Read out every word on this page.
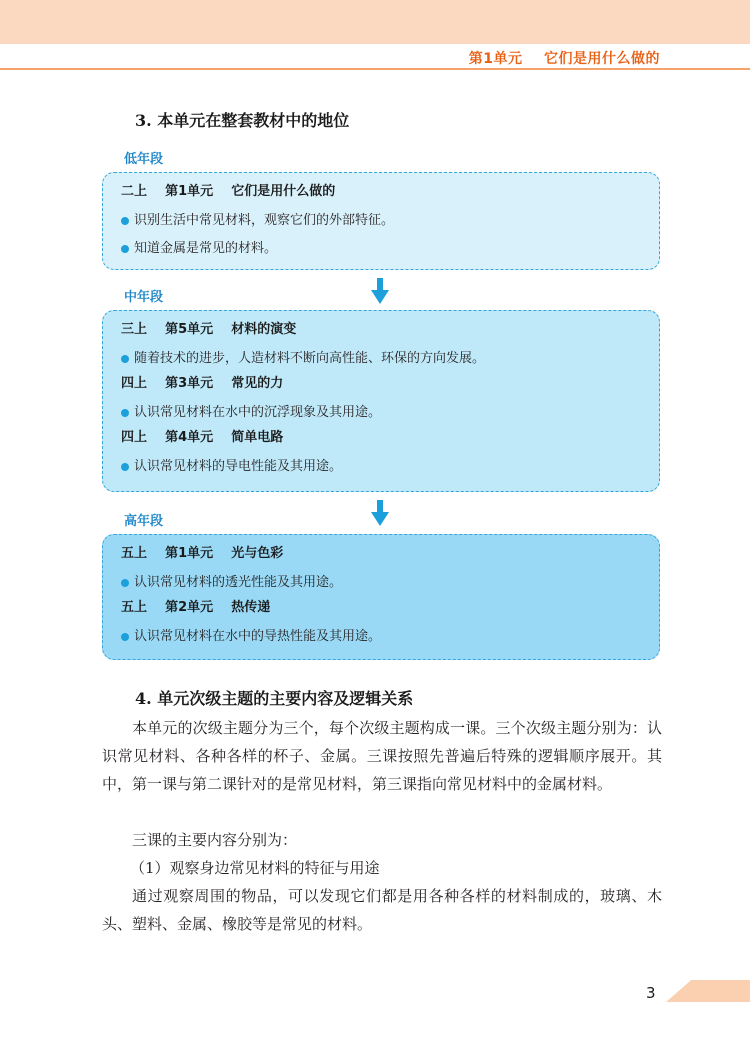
第1单元    它们是用什么做的
3. 本单元在整套教材中的地位
低年段
二上    第1单元    它们是用什么做的
识别生活中常见材料，观察它们的外部特征。
知道金属是常见的材料。
中年段
三上    第5单元    材料的演变
随着技术的进步，人造材料不断向高性能、环保的方向发展。
四上    第3单元    常见的力
认识常见材料在水中的沉浮现象及其用途。
四上    第4单元    简单电路
认识常见材料的导电性能及其用途。
高年段
五上    第1单元    光与色彩
认识常见材料的透光性能及其用途。
五上    第2单元    热传递
认识常见材料在水中的导热性能及其用途。
4. 单元次级主题的主要内容及逻辑关系

本单元的次级主题分为三个，每个次级主题构成一课。三个次级主题分别为：认识常见材料、各种各样的杯子、金属。三课按照先普遍后特殊的逻辑顺序展开。其中，第一课与第二课针对的是常见材料，第三课指向常见材料中的金属材料。

三课的主要内容分别为：

（1）观察身边常见材料的特征与用途

通过观察周围的物品，可以发现它们都是用各种各样的材料制成的，玻璃、木头、塑料、金属、橡胶等是常见的材料。

3
